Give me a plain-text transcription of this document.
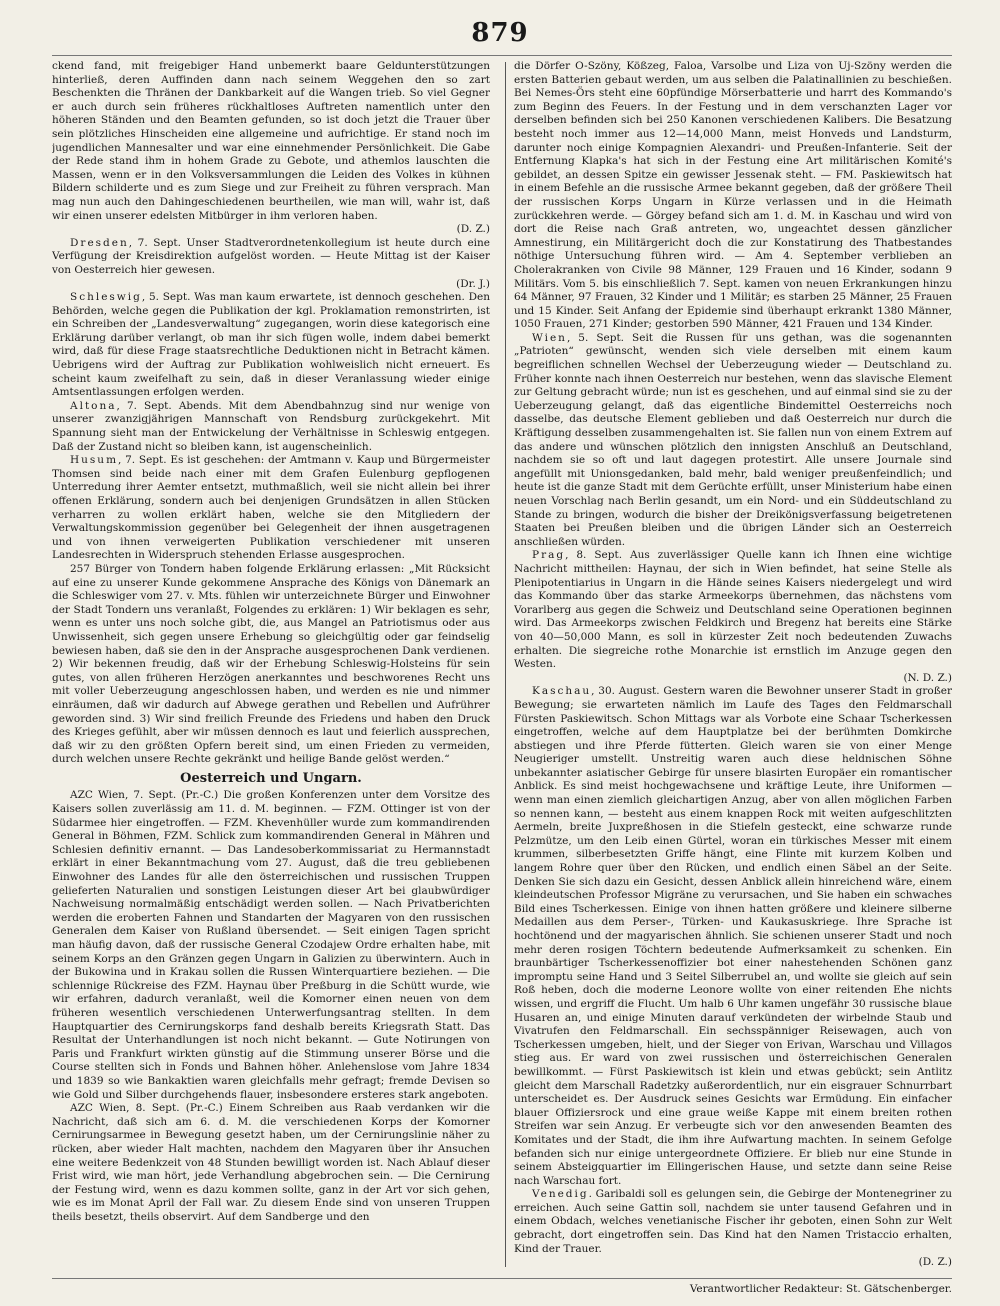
879

ckend fand, mit freigebiger Hand unbemerkt baare Geldunterstützungen hinterließ, deren Auffinden dann nach seinem Weggehen den so zart Beschenkten die Thränen der Dankbarkeit auf die Wangen trieb. So viel Gegner er auch durch sein früheres rückhaltloses Auftreten namentlich unter den höheren Ständen und den Beamten gefunden, so ist doch jetzt die Trauer über sein plötzliches Hinscheiden eine allgemeine und aufrichtige. Er stand noch im jugendlichen Mannesalter und war eine einnehmender Persönlichkeit. Die Gabe der Rede stand ihm in hohem Grade zu Gebote, und athemlos lauschten die Massen, wenn er in den Volksversammlungen die Leiden des Volkes in kühnen Bildern schilderte und es zum Siege und zur Freiheit zu führen versprach. Man mag nun auch den Dahingeschiedenen beurtheilen, wie man will, wahr ist, daß wir einen unserer edelsten Mitbürger in ihm verloren haben.

(D. Z.)

Dresden, 7. Sept. Unser Stadtverordnetenkollegium ist heute durch eine Verfügung der Kreisdirektion aufgelöst worden. — Heute Mittag ist der Kaiser von Oesterreich hier gewesen.

(Dr. J.)

Schleswig, 5. Sept. Was man kaum erwartete, ist dennoch geschehen. Den Behörden, welche gegen die Publikation der kgl. Proklamation remonstrirten, ist ein Schreiben der „Landesverwaltung“ zugegangen, worin diese kategorisch eine Erklärung darüber verlangt, ob man ihr sich fügen wolle, indem dabei bemerkt wird, daß für diese Frage staatsrechtliche Deduktionen nicht in Betracht kämen. Uebrigens wird der Auftrag zur Publikation wohlweislich nicht erneuert. Es scheint kaum zweifelhaft zu sein, daß in dieser Veranlassung wieder einige Amtsentlassungen erfolgen werden.

Altona, 7. Sept. Abends. Mit dem Abendbahnzug sind nur wenige von unserer zwanzigjährigen Mannschaft von Rendsburg zurückgekehrt. Mit Spannung sieht man der Entwickelung der Verhältnisse in Schleswig entgegen. Daß der Zustand nicht so bleiben kann, ist augenscheinlich.

Husum, 7. Sept. Es ist geschehen: der Amtmann v. Kaup und Bürgermeister Thomsen sind beide nach einer mit dem Grafen Eulenburg gepflogenen Unterredung ihrer Aemter entsetzt, muthmaßlich, weil sie nicht allein bei ihrer offenen Erklärung, sondern auch bei denjenigen Grundsätzen in allen Stücken verharren zu wollen erklärt haben, welche sie den Mitgliedern der Verwaltungskommission gegenüber bei Gelegenheit der ihnen ausgetragenen und von ihnen verweigerten Publikation verschiedener mit unseren Landesrechten in Widerspruch stehenden Erlasse ausgesprochen.

257 Bürger von Tondern haben folgende Erklärung erlassen: „Mit Rücksicht auf eine zu unserer Kunde gekommene Ansprache des Königs von Dänemark an die Schleswiger vom 27. v. Mts. fühlen wir unterzeichnete Bürger und Einwohner der Stadt Tondern uns veranlaßt, Folgendes zu erklären: 1) Wir beklagen es sehr, wenn es unter uns noch solche gibt, die, aus Mangel an Patriotismus oder aus Unwissenheit, sich gegen unsere Erhebung so gleichgültig oder gar feindselig bewiesen haben, daß sie den in der Ansprache ausgesprochenen Dank verdienen. 2) Wir bekennen freudig, daß wir der Erhebung Schleswig-Holsteins für sein gutes, von allen früheren Herzögen anerkanntes und beschworenes Recht uns mit voller Ueberzeugung angeschlossen haben, und werden es nie und nimmer einräumen, daß wir dadurch auf Abwege gerathen und Rebellen und Aufrührer geworden sind. 3) Wir sind freilich Freunde des Friedens und haben den Druck des Krieges gefühlt, aber wir müssen dennoch es laut und feierlich aussprechen, daß wir zu den größten Opfern bereit sind, um einen Frieden zu vermeiden, durch welchen unsere Rechte gekränkt und heilige Bande gelöst werden.“

Oesterreich und Ungarn.

AZC Wien, 7. Sept. (Pr.-C.) Die großen Konferenzen unter dem Vorsitze des Kaisers sollen zuverlässig am 11. d. M. beginnen. — FZM. Ottinger ist von der Südarmee hier eingetroffen. — FZM. Khevenhüller wurde zum kommandirenden General in Böhmen, FZM. Schlick zum kommandirenden General in Mähren und Schlesien definitiv ernannt. — Das Landesoberkommissariat zu Hermannstadt erklärt in einer Bekanntmachung vom 27. August, daß die treu gebliebenen Einwohner des Landes für alle den österreichischen und russischen Truppen gelieferten Naturalien und sonstigen Leistungen dieser Art bei glaubwürdiger Nachweisung normalmäßig entschädigt werden sollen. — Nach Privatberichten werden die eroberten Fahnen und Standarten der Magyaren von den russischen Generalen dem Kaiser von Rußland übersendet. — Seit einigen Tagen spricht man häufig davon, daß der russische General Czodajew Ordre erhalten habe, mit seinem Korps an den Gränzen gegen Ungarn in Galizien zu überwintern. Auch in der Bukowina und in Krakau sollen die Russen Winterquartiere beziehen. — Die schlennige Rückreise des FZM. Haynau über Preßburg in die Schütt wurde, wie wir erfahren, dadurch veranlaßt, weil die Komorner einen neuen von dem früheren wesentlich verschiedenen Unterwerfungsantrag stellten. In dem Hauptquartier des Cernirungskorps fand deshalb bereits Kriegsrath Statt. Das Resultat der Unterhandlungen ist noch nicht bekannt. — Gute Notirungen von Paris und Frankfurt wirkten günstig auf die Stimmung unserer Börse und die Course stellten sich in Fonds und Bahnen höher. Anlehenslose vom Jahre 1834 und 1839 so wie Bankaktien waren gleichfalls mehr gefragt; fremde Devisen so wie Gold und Silber durchgehends flauer, insbesondere ersteres stark angeboten.

AZC Wien, 8. Sept. (Pr.-C.) Einem Schreiben aus Raab verdanken wir die Nachricht, daß sich am 6. d. M. die verschiedenen Korps der Komorner Cernirungsarmee in Bewegung gesetzt haben, um der Cernirungslinie näher zu rücken, aber wieder Halt machten, nachdem den Magyaren über ihr Ansuchen eine weitere Bedenkzeit von 48 Stunden bewilligt worden ist. Nach Ablauf dieser Frist wird, wie man hört, jede Verhandlung abgebrochen sein. — Die Cernirung der Festung wird, wenn es dazu kommen sollte, ganz in der Art vor sich gehen, wie es im Monat April der Fall war. Zu diesem Ende sind von unseren Truppen theils besetzt, theils observirt. Auf dem Sandberge und den

die Dörfer O-Szöny, Kößzeg, Faloa, Varsolbe und Liza von Uj-Szöny werden die ersten Batterien gebaut werden, um aus selben die Palatinallinien zu beschießen. Bei Nemes-Örs steht eine 60pfündige Mörserbatterie und harrt des Kommando's zum Beginn des Feuers. In der Festung und in dem verschanzten Lager vor derselben befinden sich bei 250 Kanonen verschiedenen Kalibers. Die Besatzung besteht noch immer aus 12—14,000 Mann, meist Honveds und Landsturm, darunter noch einige Kompagnien Alexandri- und Preußen-Infanterie. Seit der Entfernung Klapka's hat sich in der Festung eine Art militärischen Komité's gebildet, an dessen Spitze ein gewisser Jessenak steht. — FM. Paskiewitsch hat in einem Befehle an die russische Armee bekannt gegeben, daß der größere Theil der russischen Korps Ungarn in Kürze verlassen und in die Heimath zurückkehren werde. — Görgey befand sich am 1. d. M. in Kaschau und wird von dort die Reise nach Graß antreten, wo, ungeachtet dessen gänzlicher Amnestirung, ein Militärgericht doch die zur Konstatirung des Thatbestandes nöthige Untersuchung führen wird. — Am 4. September verblieben an Cholerakranken von Civile 98 Männer, 129 Frauen und 16 Kinder, sodann 9 Militärs. Vom 5. bis einschließlich 7. Sept. kamen von neuen Erkrankungen hinzu 64 Männer, 97 Frauen, 32 Kinder und 1 Militär; es starben 25 Männer, 25 Frauen und 15 Kinder. Seit Anfang der Epidemie sind überhaupt erkrankt 1380 Männer, 1050 Frauen, 271 Kinder; gestorben 590 Männer, 421 Frauen und 134 Kinder.

Wien, 5. Sept. Seit die Russen für uns gethan, was die sogenannten „Patrioten“ gewünscht, wenden sich viele derselben mit einem kaum begreiflichen schnellen Wechsel der Ueberzeugung wieder — Deutschland zu. Früher konnte nach ihnen Oesterreich nur bestehen, wenn das slavische Element zur Geltung gebracht würde; nun ist es geschehen, und auf einmal sind sie zu der Ueberzeugung gelangt, daß das eigentliche Bindemittel Oesterreichs noch dasselbe, das deutsche Element geblieben und daß Oesterreich nur durch die Kräftigung desselben zusammengehalten ist. Sie fallen nun von einem Extrem auf das andere und wünschen plötzlich den innigsten Anschluß an Deutschland, nachdem sie so oft und laut dagegen protestirt. Alle unsere Journale sind angefüllt mit Unionsgedanken, bald mehr, bald weniger preußenfeindlich; und heute ist die ganze Stadt mit dem Gerüchte erfüllt, unser Ministerium habe einen neuen Vorschlag nach Berlin gesandt, um ein Nord- und ein Süddeutschland zu Stande zu bringen, wodurch die bisher der Dreikönigsverfassung beigetretenen Staaten bei Preußen bleiben und die übrigen Länder sich an Oesterreich anschließen würden.

Prag, 8. Sept. Aus zuverlässiger Quelle kann ich Ihnen eine wichtige Nachricht mittheilen: Haynau, der sich in Wien befindet, hat seine Stelle als Plenipotentiarius in Ungarn in die Hände seines Kaisers niedergelegt und wird das Kommando über das starke Armeekorps übernehmen, das nächstens vom Vorarlberg aus gegen die Schweiz und Deutschland seine Operationen beginnen wird. Das Armeekorps zwischen Feldkirch und Bregenz hat bereits eine Stärke von 40—50,000 Mann, es soll in kürzester Zeit noch bedeutenden Zuwachs erhalten. Die siegreiche rothe Monarchie ist ernstlich im Anzuge gegen den Westen.

(N. D. Z.)

Kaschau, 30. August. Gestern waren die Bewohner unserer Stadt in großer Bewegung; sie erwarteten nämlich im Laufe des Tages den Feldmarschall Fürsten Paskiewitsch. Schon Mittags war als Vorbote eine Schaar Tscherkessen eingetroffen, welche auf dem Hauptplatze bei der berühmten Domkirche abstiegen und ihre Pferde fütterten. Gleich waren sie von einer Menge Neugieriger umstellt. Unstreitig waren auch diese heldnischen Söhne unbekannter asiatischer Gebirge für unsere blasirten Europäer ein romantischer Anblick. Es sind meist hochgewachsene und kräftige Leute, ihre Uniformen — wenn man einen ziemlich gleichartigen Anzug, aber von allen möglichen Farben so nennen kann, — besteht aus einem knappen Rock mit weiten aufgeschlitzten Aermeln, breite Juxpreßhosen in die Stiefeln gesteckt, eine schwarze runde Pelzmütze, um den Leib einen Gürtel, woran ein türkisches Messer mit einem krummen, silberbesetzten Griffe hängt, eine Flinte mit kurzem Kolben und langem Rohre quer über den Rücken, und endlich einen Säbel an der Seite. Denken Sie sich dazu ein Gesicht, dessen Anblick allein hinreichend wäre, einem kleindeutschen Professor Migräne zu verursachen, und Sie haben ein schwaches Bild eines Tscherkessen. Einige von ihnen hatten größere und kleinere silberne Medaillen aus dem Perser-, Türken- und Kaukasuskriege. Ihre Sprache ist hochtönend und der magyarischen ähnlich. Sie schienen unserer Stadt und noch mehr deren rosigen Töchtern bedeutende Aufmerksamkeit zu schenken. Ein braunbärtiger Tscherkessenoffizier bot einer nahestehenden Schönen ganz impromptu seine Hand und 3 Seitel Silberrubel an, und wollte sie gleich auf sein Roß heben, doch die moderne Leonore wollte von einer reitenden Ehe nichts wissen, und ergriff die Flucht. Um halb 6 Uhr kamen ungefähr 30 russische blaue Husaren an, und einige Minuten darauf verkündeten der wirbelnde Staub und Vivatrufen den Feldmarschall. Ein sechsspänniger Reisewagen, auch von Tscherkessen umgeben, hielt, und der Sieger von Erivan, Warschau und Villagos stieg aus. Er ward von zwei russischen und österreichischen Generalen bewillkommt. — Fürst Paskiewitsch ist klein und etwas gebückt; sein Antlitz gleicht dem Marschall Radetzky außerordentlich, nur ein eisgrauer Schnurrbart unterscheidet es. Der Ausdruck seines Gesichts war Ermüdung. Ein einfacher blauer Offiziersrock und eine graue weiße Kappe mit einem breiten rothen Streifen war sein Anzug. Er verbeugte sich vor den anwesenden Beamten des Komitates und der Stadt, die ihm ihre Aufwartung machten. In seinem Gefolge befanden sich nur einige untergeordnete Offiziere. Er blieb nur eine Stunde in seinem Absteigquartier im Ellingerischen Hause, und setzte dann seine Reise nach Warschau fort.

Venedig. Garibaldi soll es gelungen sein, die Gebirge der Montenegriner zu erreichen. Auch seine Gattin soll, nachdem sie unter tausend Gefahren und in einem Obdach, welches venetianische Fischer ihr geboten, einen Sohn zur Welt gebracht, dort eingetroffen sein. Das Kind hat den Namen Tristaccio erhalten, Kind der Trauer.

(D. Z.)

Verantwortlicher Redakteur: St. Gätschenberger.
